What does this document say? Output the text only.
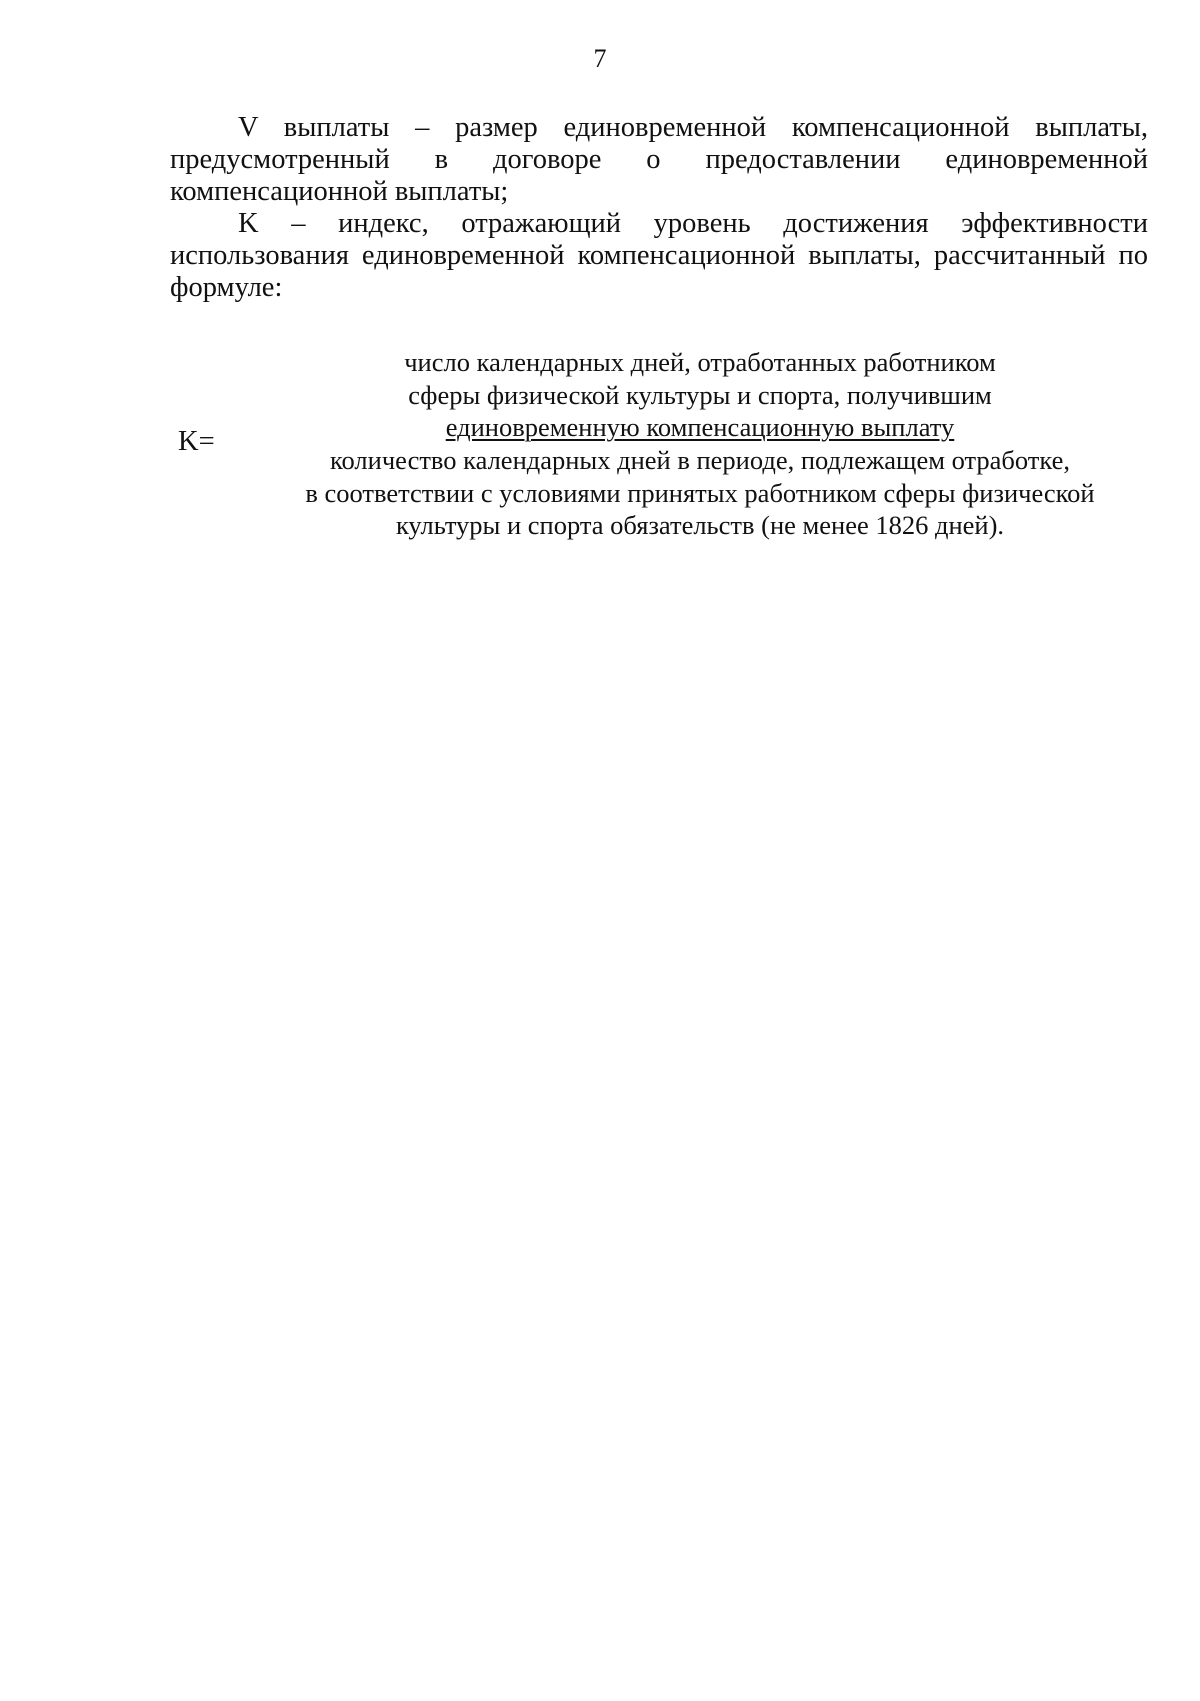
7

V выплаты – размер единовременной компенсационной выплаты, предусмотренный в договоре о предоставлении единовременной компенсационной выплаты;

K – индекс, отражающий уровень достижения эффективности использования единовременной компенсационной выплаты, рассчитанный по формуле:

K=
число календарных дней, отработанных работником
сферы физической культуры и спорта, получившим
единовременную компенсационную выплату
количество календарных дней в периоде, подлежащем отработке,
в соответствии с условиями принятых работником сферы физической
культуры и спорта обязательств (не менее 1826 дней).
